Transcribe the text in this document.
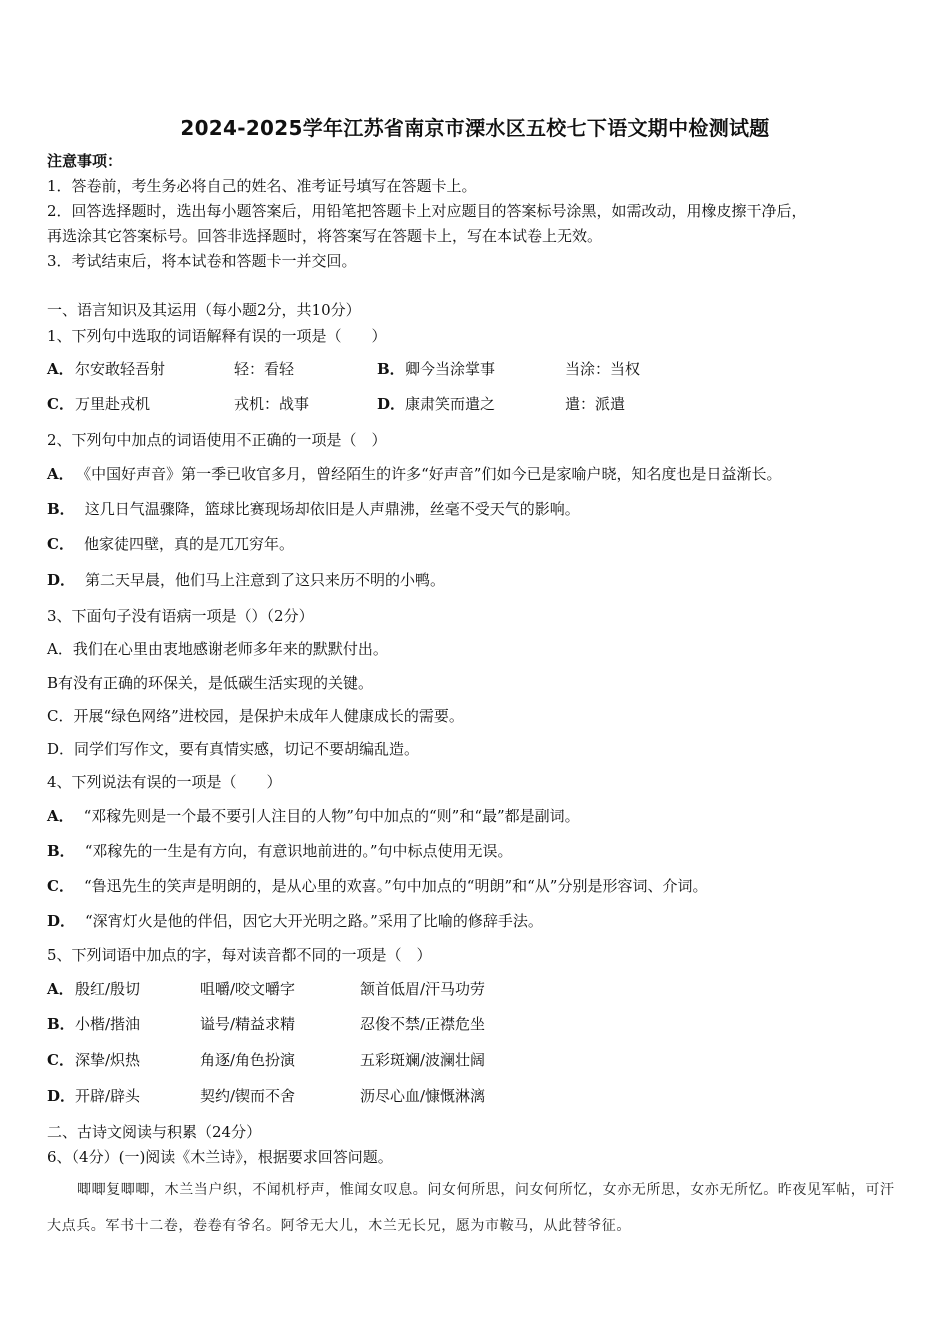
2024-2025学年江苏省南京市溧水区五校七下语文期中检测试题
注意事项：
1．答卷前，考生务必将自己的姓名、准考证号填写在答题卡上。
2．回答选择题时，选出每小题答案后，用铅笔把答题卡上对应题目的答案标号涂黑，如需改动，用橡皮擦干净后，
再选涂其它答案标号。回答非选择题时，将答案写在答题卡上，写在本试卷上无效。
3．考试结束后，将本试卷和答题卡一并交回。
一、语言知识及其运用（每小题2分，共10分）
1、下列句中选取的词语解释有误的一项是（　　）
A． 尔安敢轻吾射	轻：看轻	B． 卿今当涂掌事	当涂：当权
C． 万里赴戎机	戎机：战事	D． 康肃笑而遣之	遣：派遣
2、下列句中加点的词语使用不正确的一项是（　）
A． 《中国好声音》第一季已收官多月，曾经陌生的许多“好声音”们如今已是家喻户晓，知名度也是日益渐长。
B． 这几日气温骤降，篮球比赛现场却依旧是人声鼎沸，丝毫不受天气的影响。
C． 他家徒四壁，真的是兀兀穷年。
D． 第二天早晨，他们马上注意到了这只来历不明的小鸭。
3、下面句子没有语病一项是（）（2分）
A．我们在心里由衷地感谢老师多年来的默默付出。
B有没有正确的环保关，是低碳生活实现的关键。
C．开展“绿色网络”进校园，是保护未成年人健康成长的需要。
D．同学们写作文，要有真情实感，切记不要胡编乱造。
4、下列说法有误的一项是（　　）
A． “邓稼先则是一个最不要引人注目的人物”句中加点的“则”和“最”都是副词。
B． “邓稼先的一生是有方向，有意识地前进的。”句中标点使用无误。
C． “鲁迅先生的笑声是明朗的，是从心里的欢喜。”句中加点的“明朗”和“从”分别是形容词、介词。
D． “深宵灯火是他的伴侣，因它大开光明之路。”采用了比喻的修辞手法。
5、下列词语中加点的字，每对读音都不同的一项是（　）
A． 殷红/殷切	咀嚼/咬文嚼字	颔首低眉/汗马功劳
B． 小楷/揩油	谥号/精益求精	忍俊不禁/正襟危坐
C． 深挚/炽热	角逐/角色扮演	五彩斑斓/波澜壮阔
D． 开辟/辟头	契约/锲而不舍	沥尽心血/慷慨淋漓
二、古诗文阅读与积累（24分）
6、（4分）(一)阅读《木兰诗》，根据要求回答问题。
唧唧复唧唧，木兰当户织，不闻机杼声，惟闻女叹息。问女何所思，问女何所忆，女亦无所思，女亦无所忆。昨夜见军帖，可汗大点兵。军书十二卷，卷卷有爷名。阿爷无大儿，木兰无长兄，愿为市鞍马，从此替爷征。
